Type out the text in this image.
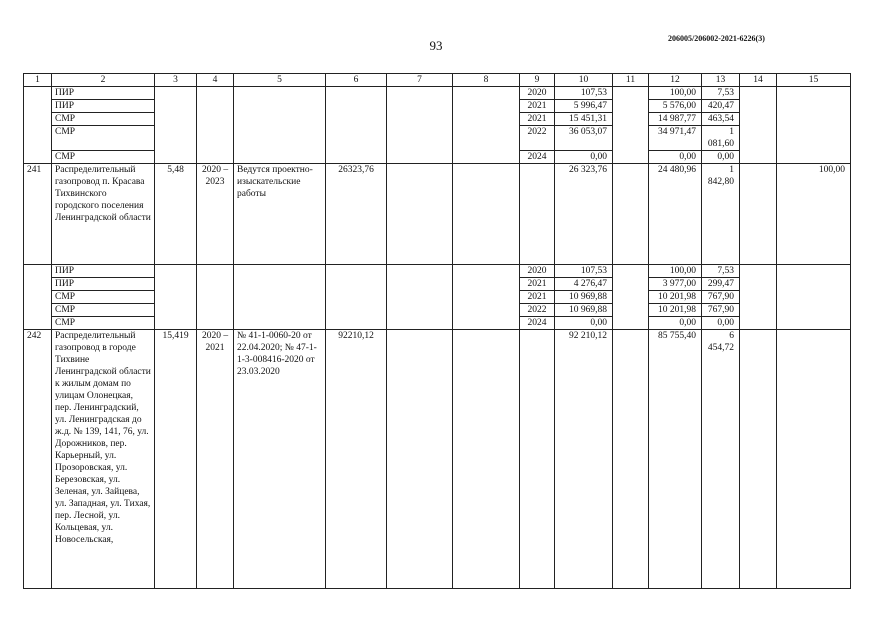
93	206005/206002-2021-6226(3)
1	2	3	4	5	6	7	8	9	10	11	12	13	14	15
	ПИР							2020	107,53		100,00	7,53		
	ПИР							2021	5 996,47		5 576,00	420,47		
	СМР							2021	15 451,31		14 987,77	463,54		
	СМР							2022	36 053,07		34 971,47	1 081,60		
	СМР							2024	0,00		0,00	0,00		
241	Распределительный газопровод п. Красава Тихвинского городского поселения Ленинградской области	5,48	2020 – 2023	Ведутся проектно-изыскательские работы	26323,76				26 323,76		24 480,96	1 842,80		100,00
	ПИР							2020	107,53		100,00	7,53		
	ПИР							2021	4 276,47		3 977,00	299,47		
	СМР							2021	10 969,88		10 201,98	767,90		
	СМР							2022	10 969,88		10 201,98	767,90		
	СМР							2024	0,00		0,00	0,00		
242	Распределительный газопровод в городе Тихвине Ленинградской области к жилым домам по улицам Олонецкая, пер. Ленинградский, ул. Ленинградская до ж.д. № 139, 141, 76, ул. Дорожников, пер. Карьерный, ул. Прозоровская, ул. Березовская, ул. Зеленая, ул. Зайцева, ул. Западная, ул. Тихая, пер. Лесной, ул. Кольцевая, ул. Новосельская,	15,419	2020 – 2021	№ 41-1-0060-20 от 22.04.2020; № 47-1-1-3-008416-2020 от 23.03.2020	92210,12				92 210,12		85 755,40	6 454,72		
